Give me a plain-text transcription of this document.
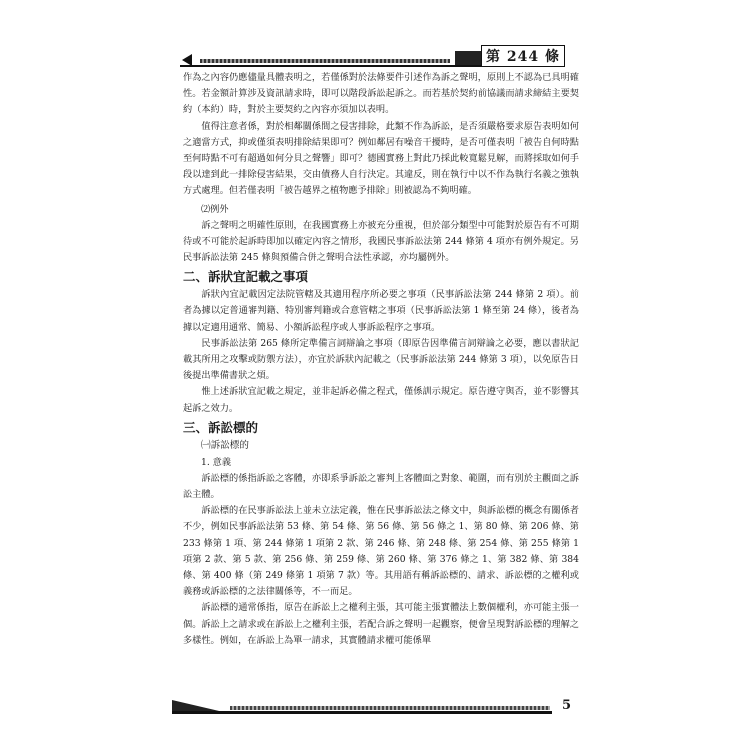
第 244 條

作為之內容仍應儘量具體表明之，若僅係對於法條要件引述作為訴之聲明，原則上不認為已具明確性。若金額計算涉及資訊請求時，即可以階段訴訟起訴之。而若基於契約前協議而請求締結主要契約（本約）時，對於主要契約之內容亦須加以表明。

值得注意者係，對於相鄰關係間之侵害排除，此類不作為訴訟，是否須嚴格要求原告表明如何之適當方式，抑或僅須表明排除結果即可？例如鄰居有噪音干擾時，是否可僅表明「被告自何時點至何時點不可有超過如何分貝之聲響」即可？德國實務上對此乃採此較寬鬆見解，而將採取如何手段以達到此一排除侵害結果，交由債務人自行決定。其違反，則在執行中以不作為執行名義之強執方式處理。但若僅表明「被告越界之植物應予排除」則被認為不夠明確。

⑵例外

訴之聲明之明確性原則，在我國實務上亦被充分重視，但於部分類型中可能對於原告有不可期待或不可能於起訴時即加以確定內容之情形，我國民事訴訟法第 244 條第 4 項亦有例外規定。另民事訴訟法第 245 條與預備合併之聲明合法性承認，亦均屬例外。

二、訴狀宜記載之事項

訴狀內宜記載因定法院管轄及其適用程序所必要之事項（民事訴訟法第 244 條第 2 項）。前者為據以定普通審判籍、特別審判籍或合意管轄之事項（民事訴訟法第 1 條至第 24 條），後者為據以定適用通常、簡易、小額訴訟程序或人事訴訟程序之事項。

民事訴訟法第 265 條所定準備言詞辯論之事項（即原告因準備言詞辯論之必要，應以書狀記載其所用之攻擊或防禦方法），亦宜於訴狀內記載之（民事訴訟法第 244 條第 3 項），以免原告日後提出準備書狀之煩。

惟上述訴狀宜記載之規定，並非起訴必備之程式，僅係訓示規定。原告遵守與否，並不影響其起訴之效力。

三、訴訟標的
㈠訴訟標的
1. 意義

訴訟標的係指訴訟之客體，亦即系爭訴訟之審判上客體面之對象、範圍，而有別於主觀面之訴訟主體。

訴訟標的在民事訴訟法上並未立法定義，惟在民事訴訟法之條文中，與訴訟標的概念有關係者不少，例如民事訴訟法第 53 條、第 54 條、第 56 條、第 56 條之 1、第 80 條、第 206 條、第 233 條第 1 項、第 244 條第 1 項第 2 款、第 246 條、第 248 條、第 254 條、第 255 條第 1 項第 2 款、第 5 款、第 256 條、第 259 條、第 260 條、第 376 條之 1、第 382 條、第 384 條、第 400 條（第 249 條第 1 項第 7 款）等。其用語有稱訴訟標的、請求、訴訟標的之權利或義務或訴訟標的之法律關係等，不一而足。

訴訟標的通常係指，原告在訴訟上之權利主張，其可能主張實體法上數個權利，亦可能主張一個。訴訟上之請求或在訴訟上之權利主張，若配合訴之聲明一起觀察，便會呈現對訴訟標的理解之多樣性。例如，在訴訟上為單一請求，其實體請求權可能係單

5
